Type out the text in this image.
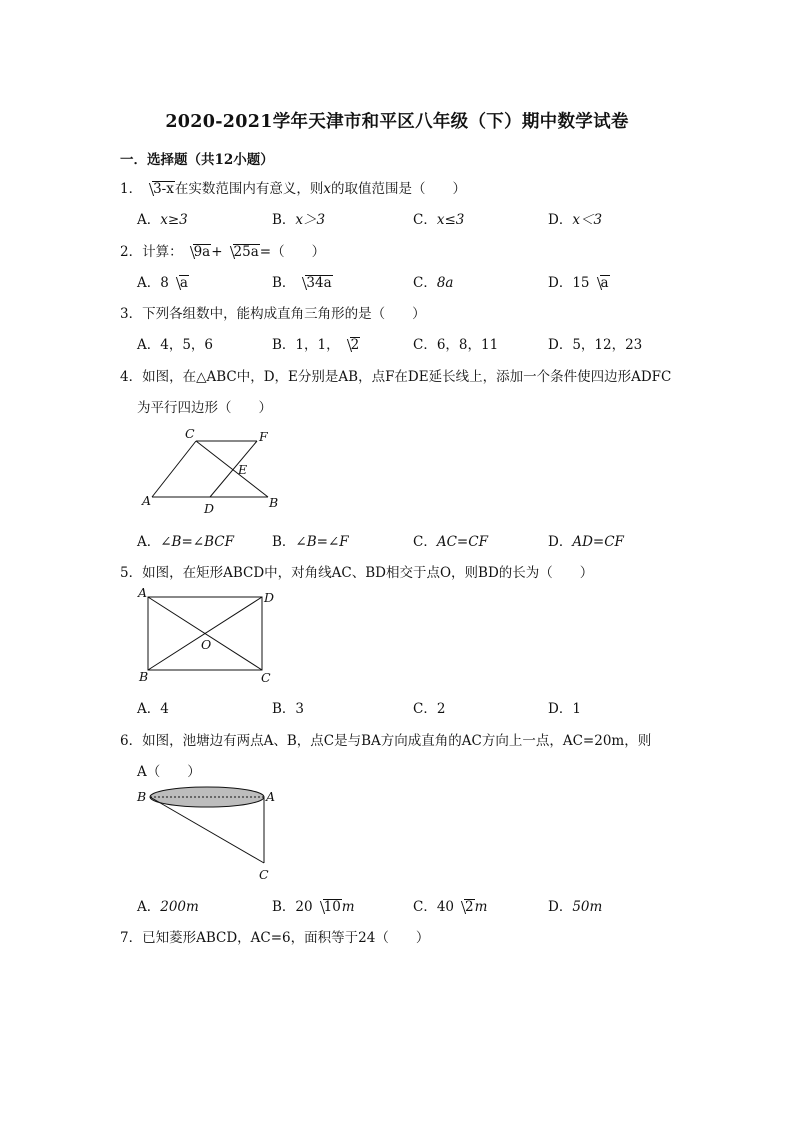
2020-2021学年天津市和平区八年级（下）期中数学试卷
一．选择题（共12小题）
1． 3-x在实数范围内有意义，则x的取值范围是（　　）
A．x≥3	B．x＞3	C．x≤3	D．x＜3
2．计算： 9a+ 25a=（　　）
A．8 a	B． 34a	C．8a	D．15 a
3．下列各组数中，能构成直角三角形的是（　　）
A．4，5，6	B．1，1， 2	C．6，8，11	D．5，12，23
4．如图，在△ABC中，D，E分别是AB，点F在DE延长线上，添加一个条件使四边形ADFC
为平行四边形（　　）
C	F
E
A
D	B
A．∠B=∠BCF	B．∠B=∠F	C．AC=CF	D．AD=CF
5．如图，在矩形ABCD中，对角线AC、BD相交于点O，则BD的长为（　　）
A	D
O
B	C
A．4	B．3	C．2	D．1
6．如图，池塘边有两点A、B，点C是与BA方向成直角的AC方向上一点，AC=20m，则
A（　　）
B	A
C
A．200m	B．20 10m	C．40 2m	D．50m
7．已知菱形ABCD，AC=6，面积等于24（　　）
